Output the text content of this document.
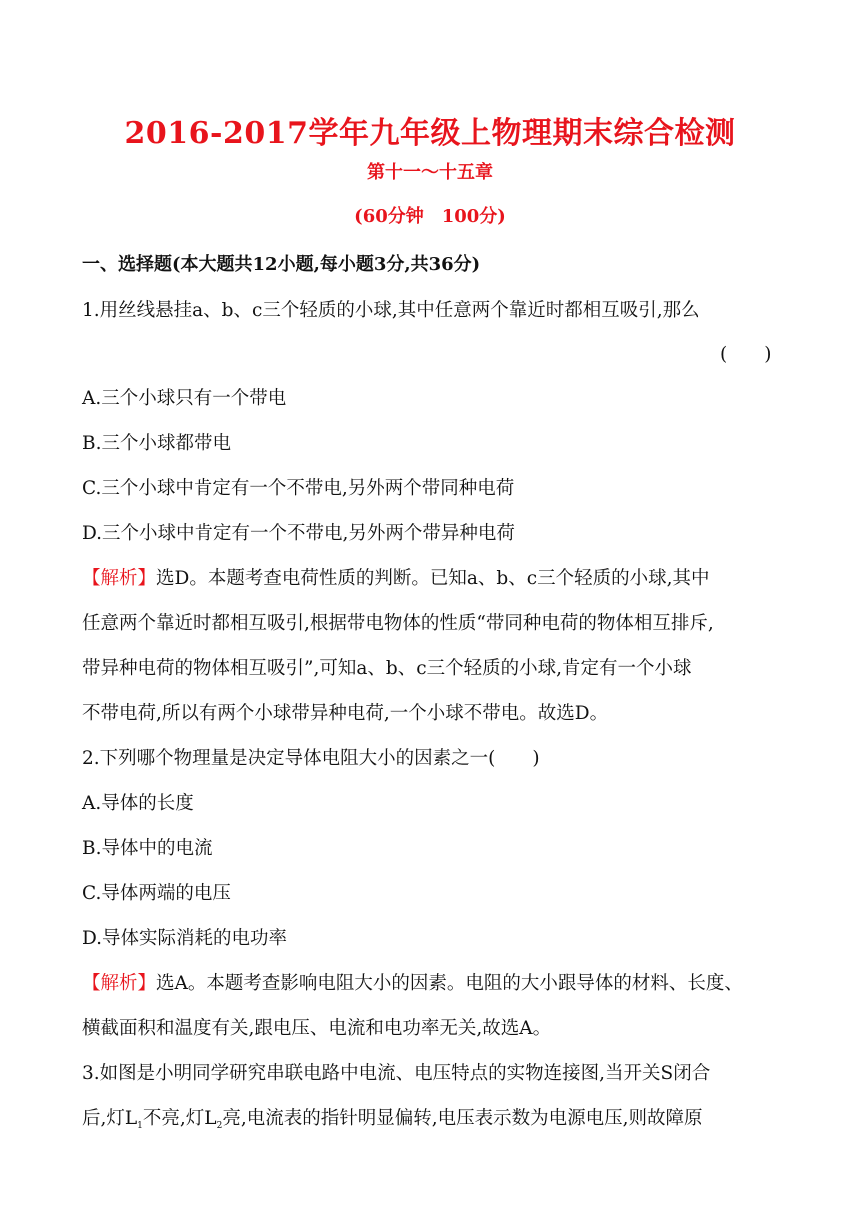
2016-2017学年九年级上物理期末综合检测
第十一～十五章
(60分钟　100分)
一、选择题(本大题共12小题,每小题3分,共36分)
1.用丝线悬挂a、b、c三个轻质的小球,其中任意两个靠近时都相互吸引,那么
(　　)
A.三个小球只有一个带电
B.三个小球都带电
C.三个小球中肯定有一个不带电,另外两个带同种电荷
D.三个小球中肯定有一个不带电,另外两个带异种电荷
【解析】选D。本题考查电荷性质的判断。已知a、b、c三个轻质的小球,其中
任意两个靠近时都相互吸引,根据带电物体的性质“带同种电荷的物体相互排斥,
带异种电荷的物体相互吸引”,可知a、b、c三个轻质的小球,肯定有一个小球
不带电荷,所以有两个小球带异种电荷,一个小球不带电。故选D。
2.下列哪个物理量是决定导体电阻大小的因素之一(　　)
A.导体的长度
B.导体中的电流
C.导体两端的电压
D.导体实际消耗的电功率
【解析】选A。本题考查影响电阻大小的因素。电阻的大小跟导体的材料、长度、
横截面积和温度有关,跟电压、电流和电功率无关,故选A。
3.如图是小明同学研究串联电路中电流、电压特点的实物连接图,当开关S闭合
后,灯$L_1$不亮,灯$L_2$亮,电流表的指针明显偏转,电压表示数为电源电压,则故障原
